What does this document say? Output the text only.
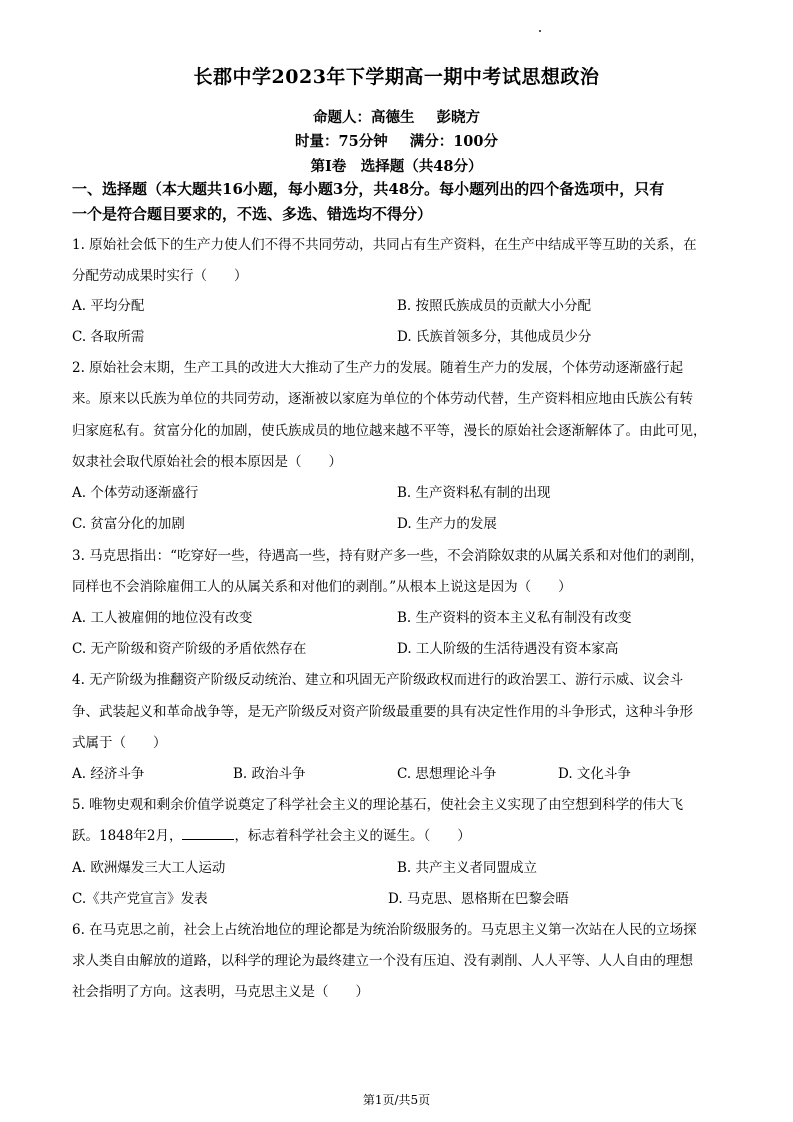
长郡中学2023年下学期高一期中考试思想政治
命题人：高德生 彭晓方
时量：75分钟 满分：100分
第Ⅰ卷　选择题（共48分）
一、选择题（本大题共16小题，每小题3分，共48分。每小题列出的四个备选项中，只有
一个是符合题目要求的，不选、多选、错选均不得分）
1. 原始社会低下的生产力使人们不得不共同劳动，共同占有生产资料，在生产中结成平等互助的关系，在
分配劳动成果时实行（　　）
A. 平均分配	B. 按照氏族成员的贡献大小分配
C. 各取所需	D. 氏族首领多分，其他成员少分
2. 原始社会末期，生产工具的改进大大推动了生产力的发展。随着生产力的发展，个体劳动逐渐盛行起
来。原来以氏族为单位的共同劳动，逐渐被以家庭为单位的个体劳动代替，生产资料相应地由氏族公有转
归家庭私有。贫富分化的加剧，使氏族成员的地位越来越不平等，漫长的原始社会逐渐解体了。由此可见，
奴隶社会取代原始社会的根本原因是（　　）
A. 个体劳动逐渐盛行	B. 生产资料私有制的出现
C. 贫富分化的加剧	D. 生产力的发展
3. 马克思指出：“吃穿好一些，待遇高一些，持有财产多一些，不会消除奴隶的从属关系和对他们的剥削，
同样也不会消除雇佣工人的从属关系和对他们的剥削。”从根本上说这是因为（　　）
A. 工人被雇佣的地位没有改变	B. 生产资料的资本主义私有制没有改变
C. 无产阶级和资产阶级的矛盾依然存在	D. 工人阶级的生活待遇没有资本家高
4. 无产阶级为推翻资产阶级反动统治、建立和巩固无产阶级政权而进行的政治罢工、游行示威、议会斗
争、武装起义和革命战争等，是无产阶级反对资产阶级最重要的具有决定性作用的斗争形式，这种斗争形
式属于（　　）
A. 经济斗争	B. 政治斗争	C. 思想理论斗争	D. 文化斗争
5. 唯物史观和剩余价值学说奠定了科学社会主义的理论基石，使社会主义实现了由空想到科学的伟大飞
跃。1848年2月，	，标志着科学社会主义的诞生。（　　）
A. 欧洲爆发三大工人运动	B. 共产主义者同盟成立
C.《共产党宣言》发表	D. 马克思、恩格斯在巴黎会晤
6. 在马克思之前，社会上占统治地位的理论都是为统治阶级服务的。马克思主义第一次站在人民的立场探
求人类自由解放的道路，以科学的理论为最终建立一个没有压迫、没有剥削、人人平等、人人自由的理想
社会指明了方向。这表明，马克思主义是（　　）
第1页/共5页
